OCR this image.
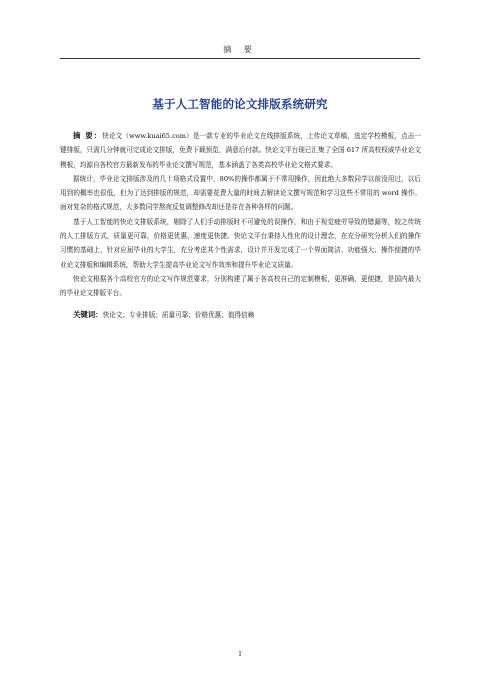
摘 要
基于人工智能的论文排版系统研究

摘 要：快论文（www.kuai65.com）是一款专业的毕业论文在线排版系统，上传论文草稿，选定学校模板，点击一键排版，只需几分钟就可完成论文排版，免费下载预览，满意后付款。快论文平台现已汇集了全国 617 所高校权威毕业论文模板，均源自各校官方最新发布的毕业论文撰写规范，基本涵盖了各类高校毕业论文格式要求。

据统计，毕业论文排版涉及的几十项格式设置中，80%的操作都属于不常用操作，因此绝大多数同学以前没用过，以后用到的概率也很低，但为了达到排版的规范，却需要花费大量的时间去解读论文撰写规范和学习这些不常用的 word 操作。面对复杂的格式规范，大多数同学熬夜反复调整修改却还是存在各种各样的问题。

基于人工智能的快论文排版系统，剔除了人们手动排版时不可避免的误操作，和由于视觉疲劳导致的错漏等，较之传统的人工排版方式，质量更可靠，价格更优惠，速度更快捷。快论文平台秉持人性化的设计理念，在充分研究分析人们的操作习惯的基础上，针对应届毕业的大学生，充分考虑其个性需求，设计并开发完成了一个界面简洁、功能强大、操作便捷的毕业论文排版和编辑系统，帮助大学生提高毕业论文写作效率和提升毕业论文质量。

快论文根据各个高校官方的论文写作规范要求，分别构建了属于各高校自己的定制模板，更准确，更便捷，是国内最大的毕业论文排版平台。

关键词：快论文；专业排版；质量可靠；价格优惠；值得信赖

I
